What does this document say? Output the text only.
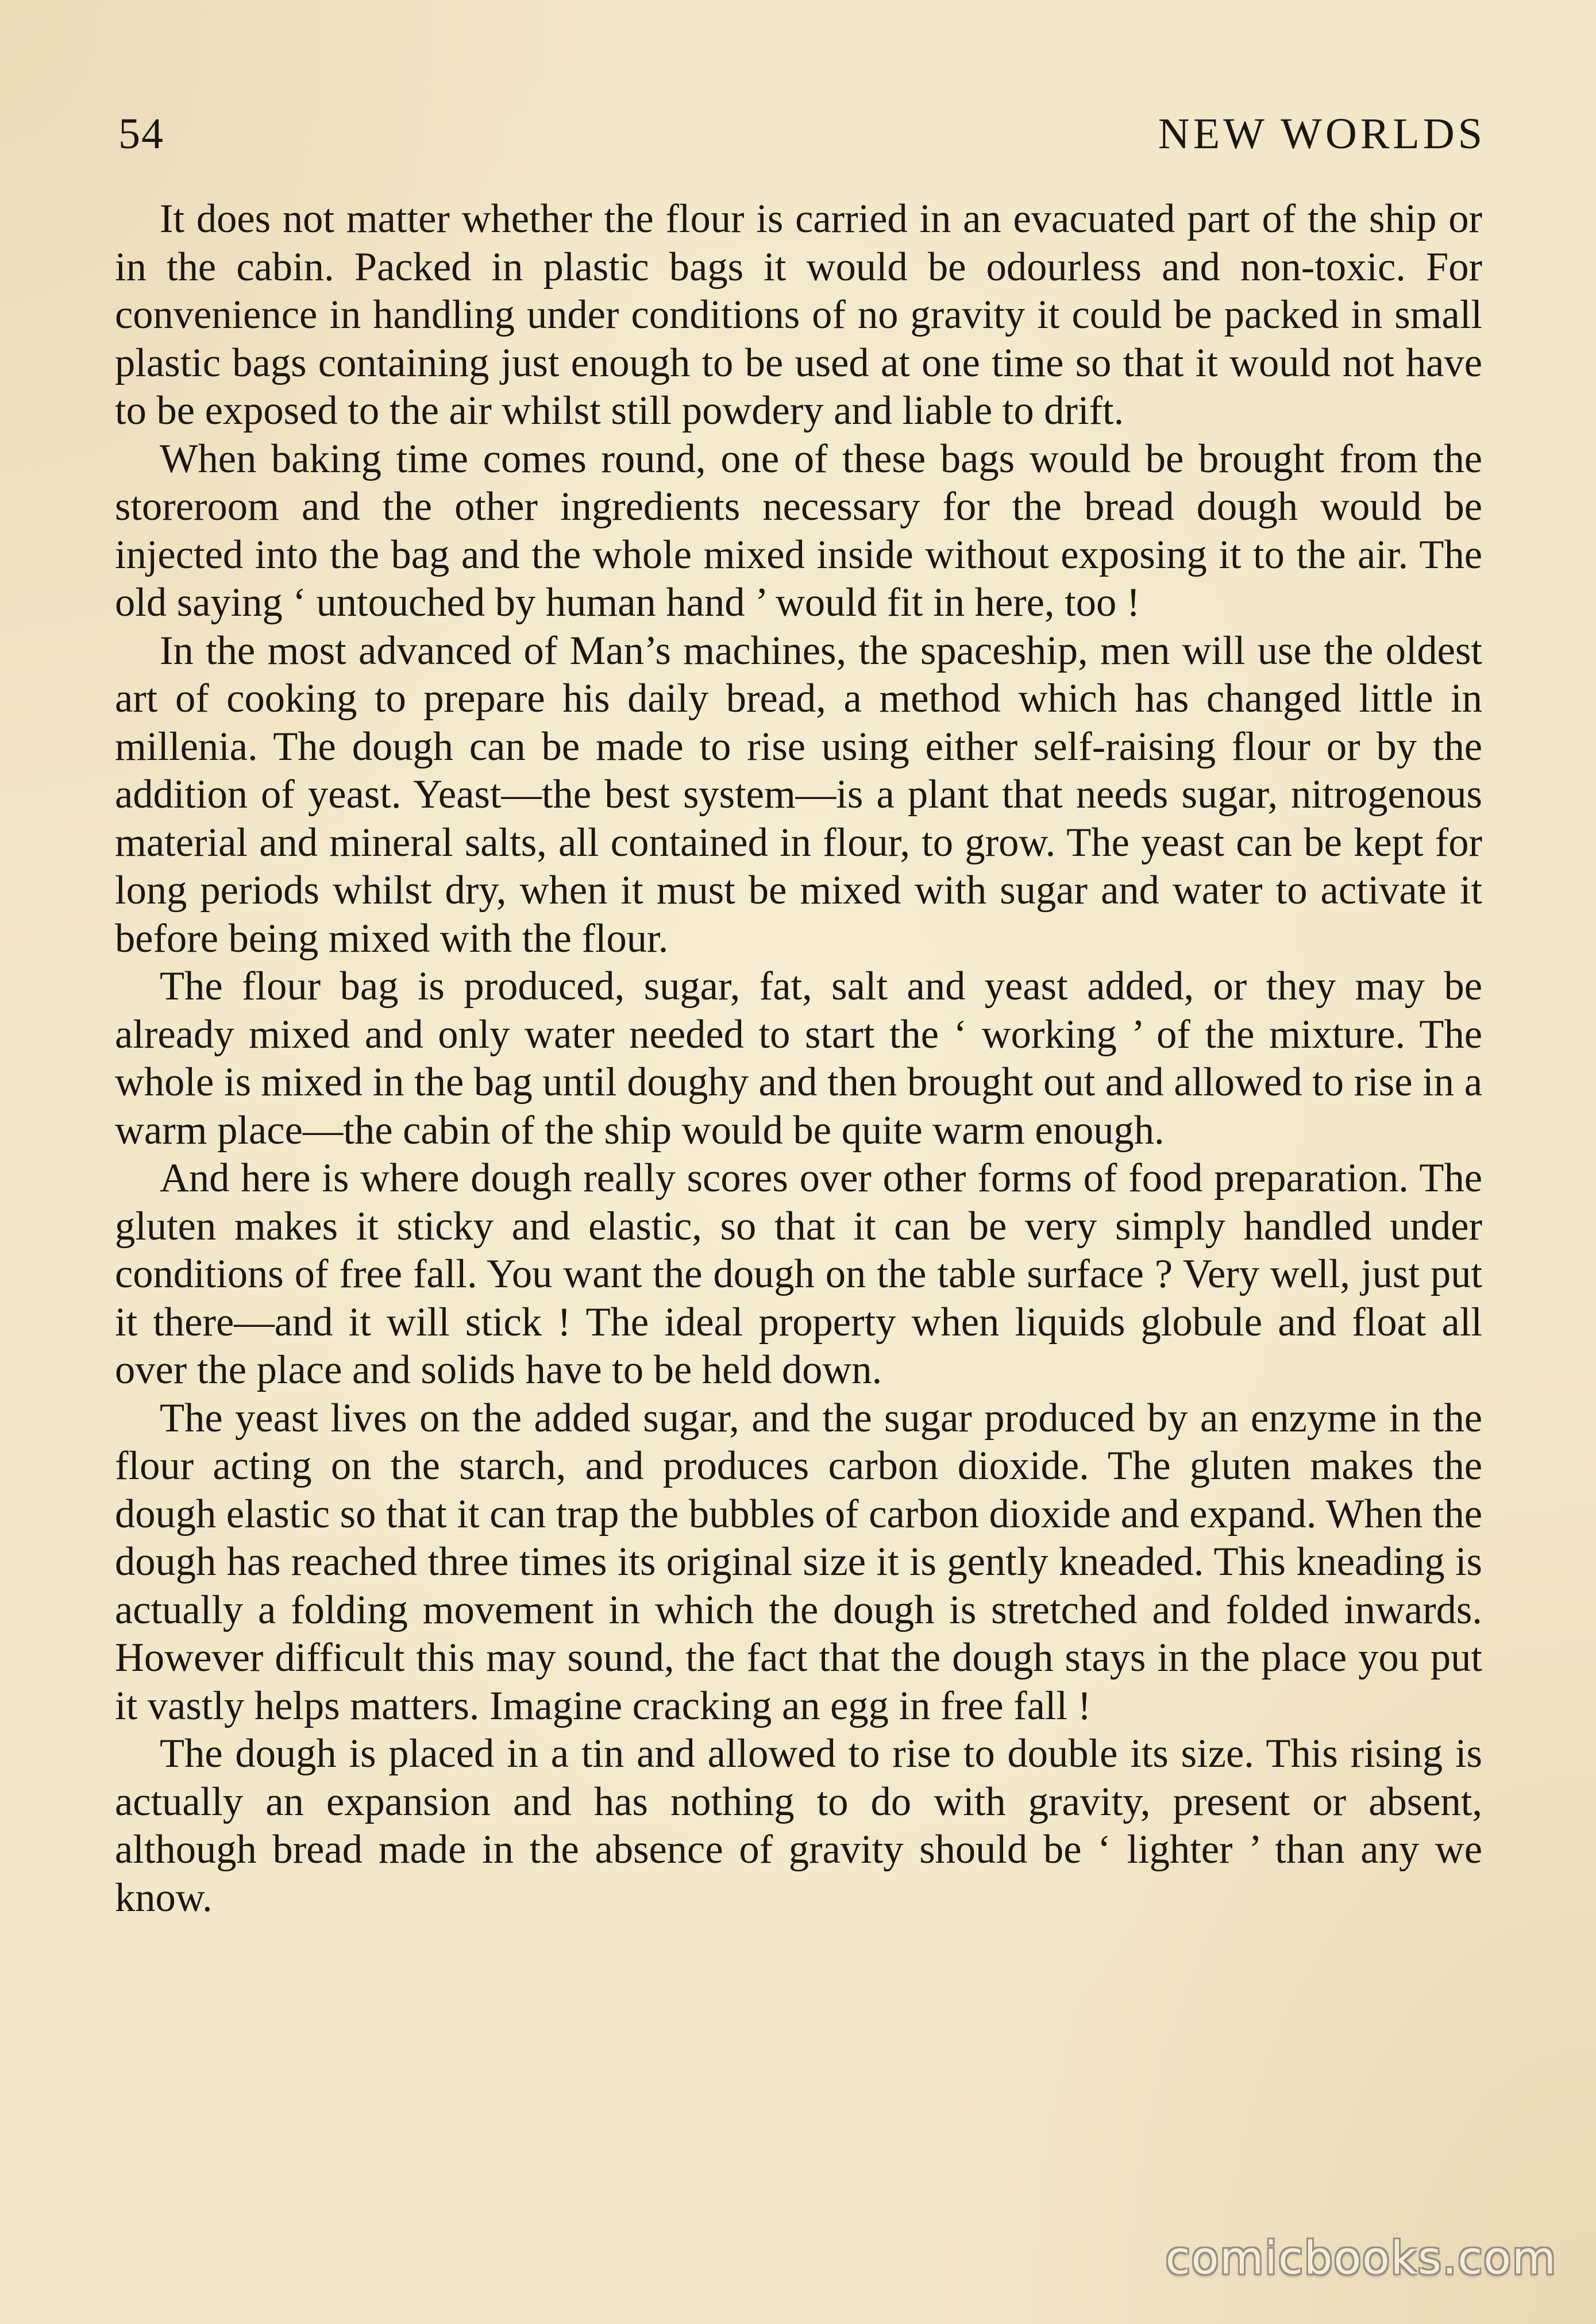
54	NEW WORLDS

It does not matter whether the flour is carried in an evacuated part of the ship or in the cabin. Packed in plastic bags it would be odourless and non-toxic. For convenience in handling under conditions of no gravity it could be packed in small plastic bags containing just enough to be used at one time so that it would not have to be exposed to the air whilst still powdery and liable to drift.

When baking time comes round, one of these bags would be brought from the storeroom and the other ingredients necessary for the bread dough would be injected into the bag and the whole mixed inside without exposing it to the air. The old saying ‘ untouched by human hand ’ would fit in here, too !

In the most advanced of Man’s machines, the spaceship, men will use the oldest art of cooking to prepare his daily bread, a method which has changed little in millenia. The dough can be made to rise using either self-raising flour or by the addition of yeast. Yeast—the best system—is a plant that needs sugar, nitrogenous material and mineral salts, all contained in flour, to grow. The yeast can be kept for long periods whilst dry, when it must be mixed with sugar and water to activate it before being mixed with the flour.

The flour bag is produced, sugar, fat, salt and yeast added, or they may be already mixed and only water needed to start the ‘ working ’ of the mixture. The whole is mixed in the bag until doughy and then brought out and allowed to rise in a warm place—the cabin of the ship would be quite warm enough.

And here is where dough really scores over other forms of food preparation. The gluten makes it sticky and elastic, so that it can be very simply handled under conditions of free fall. You want the dough on the table surface ? Very well, just put it there—and it will stick ! The ideal property when liquids globule and float all over the place and solids have to be held down.

The yeast lives on the added sugar, and the sugar produced by an enzyme in the flour acting on the starch, and produces carbon dioxide. The gluten makes the dough elastic so that it can trap the bubbles of carbon dioxide and expand. When the dough has reached three times its original size it is gently kneaded. This kneading is actually a folding movement in which the dough is stretched and folded inwards. However difficult this may sound, the fact that the dough stays in the place you put it vastly helps matters. Imagine cracking an egg in free fall !

The dough is placed in a tin and allowed to rise to double its size. This rising is actually an expansion and has nothing to do with gravity, present or absent, although bread made in the absence of gravity should be ‘ lighter ’ than any we know.

comicbooks.com
